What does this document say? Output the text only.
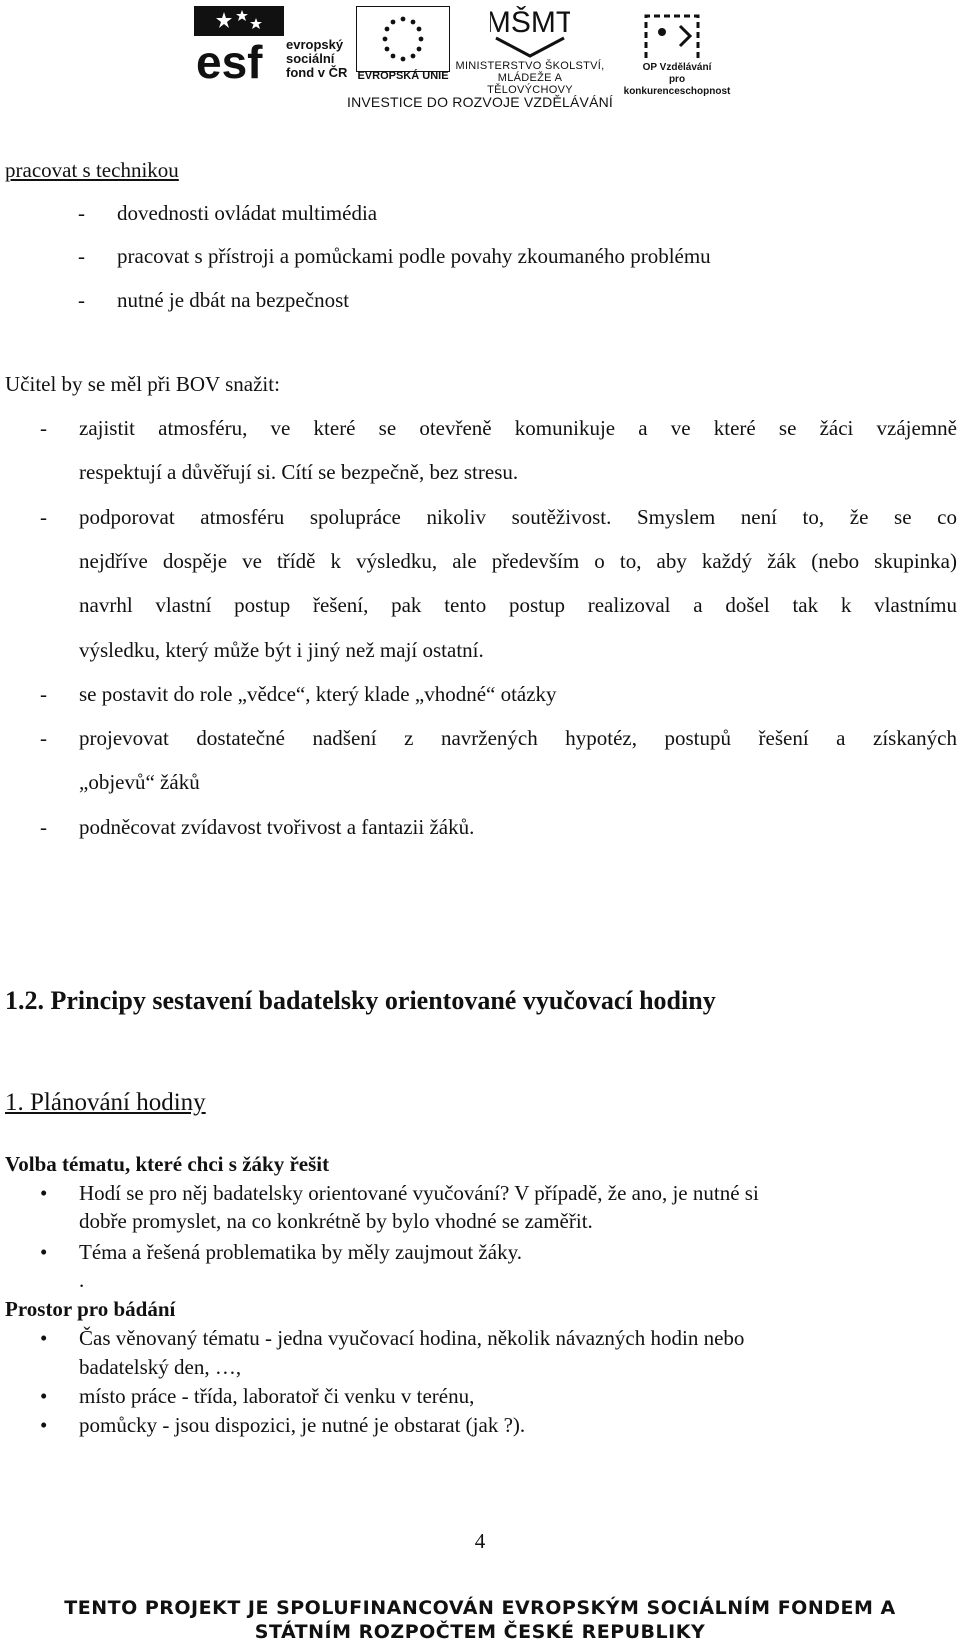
esf evropský
sociální
fond v ČR EVROPSKÁ UNIE
MŠMT
MINISTERSTVO ŠKOLSTVÍ,
MLÁDEŽE A TĚLOVÝCHOVY
OP Vzdělávání
pro konkurenceschopnost
INVESTICE DO ROZVOJE VZDĚLÁVÁNÍ
pracovat s technikou
- dovednosti ovládat multimédia
- pracovat s přístroji a pomůckami podle povahy zkoumaného problému
- nutné je dbát na bezpečnost
Učitel by se měl při BOV snažit:
- zajistit atmosféru, ve které se otevřeně komunikuje a ve které se žáci vzájemně
respektují a důvěřují si. Cítí se bezpečně, bez stresu.
- podporovat atmosféru spolupráce nikoliv soutěživost. Smyslem není to, že se co
nejdříve dospěje ve třídě k výsledku, ale především o to, aby každý žák (nebo skupinka)
navrhl vlastní postup řešení, pak tento postup realizoval a došel tak k vlastnímu
výsledku, který může být i jiný než mají ostatní.
- se postavit do role „vědce“, který klade „vhodné“ otázky
- projevovat dostatečné nadšení z navržených hypotéz, postupů řešení a získaných
„objevů“ žáků
- podněcovat zvídavost tvořivost a fantazii žáků.
1.2. Principy sestavení badatelsky orientované vyučovací hodiny
1. Plánování hodiny
Volba tématu, které chci s žáky řešit
• Hodí se pro něj badatelsky orientované vyučování? V případě, že ano, je nutné si
dobře promyslet, na co konkrétně by bylo vhodné se zaměřit.
• Téma a řešená problematika by měly zaujmout žáky.
.
Prostor pro bádání
• Čas věnovaný tématu - jedna vyučovací hodina, několik návazných hodin nebo
badatelský den, …,
• místo práce - třída, laboratoř či venku v terénu,
• pomůcky - jsou dispozici, je nutné je obstarat (jak ?).
4
TENTO PROJEKT JE SPOLUFINANCOVÁN EVROPSKÝM SOCIÁLNÍM FONDEM A
STÁTNÍM ROZPOČTEM ČESKÉ REPUBLIKY
